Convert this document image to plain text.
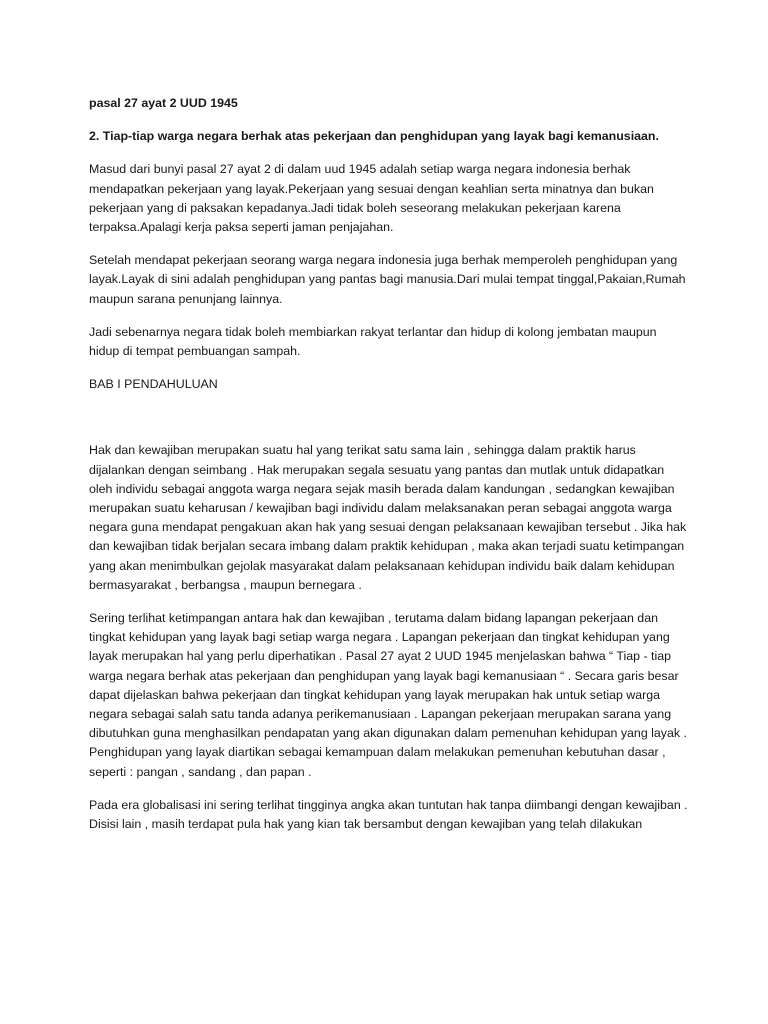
pasal 27 ayat 2 UUD 1945

2. Tiap-tiap warga negara berhak atas pekerjaan dan penghidupan yang layak bagi kemanusiaan.

Masud dari bunyi pasal 27 ayat 2 di dalam uud 1945 adalah setiap warga negara indonesia berhak mendapatkan pekerjaan yang layak.Pekerjaan yang sesuai dengan keahlian serta minatnya dan bukan pekerjaan yang di paksakan kepadanya.Jadi tidak boleh seseorang melakukan pekerjaan karena terpaksa.Apalagi kerja paksa seperti jaman penjajahan.

Setelah mendapat pekerjaan seorang warga negara indonesia juga berhak memperoleh penghidupan yang layak.Layak di sini adalah penghidupan yang pantas bagi manusia.Dari mulai tempat tinggal,Pakaian,Rumah maupun sarana penunjang lainnya.

Jadi sebenarnya negara tidak boleh membiarkan rakyat terlantar dan hidup di kolong jembatan maupun hidup di tempat pembuangan sampah.

BAB I PENDAHULUAN

Hak dan kewajiban merupakan suatu hal yang terikat satu sama lain , sehingga dalam praktik harus dijalankan dengan seimbang . Hak merupakan segala sesuatu yang pantas dan mutlak untuk didapatkan oleh individu sebagai anggota warga negara sejak masih berada dalam kandungan , sedangkan kewajiban merupakan suatu keharusan / kewajiban bagi individu dalam melaksanakan peran sebagai anggota warga negara guna mendapat pengakuan akan hak yang sesuai dengan pelaksanaan kewajiban tersebut . Jika hak dan kewajiban tidak berjalan secara imbang dalam praktik kehidupan , maka akan terjadi suatu ketimpangan yang akan menimbulkan gejolak masyarakat dalam pelaksanaan kehidupan individu baik dalam kehidupan bermasyarakat , berbangsa , maupun bernegara .

Sering terlihat ketimpangan antara hak dan kewajiban , terutama dalam bidang lapangan pekerjaan dan tingkat kehidupan yang layak bagi setiap warga negara . Lapangan pekerjaan dan tingkat kehidupan yang layak merupakan hal yang perlu diperhatikan . Pasal 27 ayat 2 UUD 1945 menjelaskan bahwa “ Tiap - tiap warga negara berhak atas pekerjaan dan penghidupan yang layak bagi kemanusiaan “ . Secara garis besar dapat dijelaskan bahwa pekerjaan dan tingkat kehidupan yang layak merupakan hak untuk setiap warga negara sebagai salah satu tanda adanya perikemanusiaan . Lapangan pekerjaan merupakan sarana yang dibutuhkan guna menghasilkan pendapatan yang akan digunakan dalam pemenuhan kehidupan yang layak . Penghidupan yang layak diartikan sebagai kemampuan dalam melakukan pemenuhan kebutuhan dasar , seperti : pangan , sandang , dan papan .

Pada era globalisasi ini sering terlihat tingginya angka akan tuntutan hak tanpa diimbangi dengan kewajiban . Disisi lain , masih terdapat pula hak yang kian tak bersambut dengan kewajiban yang telah dilakukan
